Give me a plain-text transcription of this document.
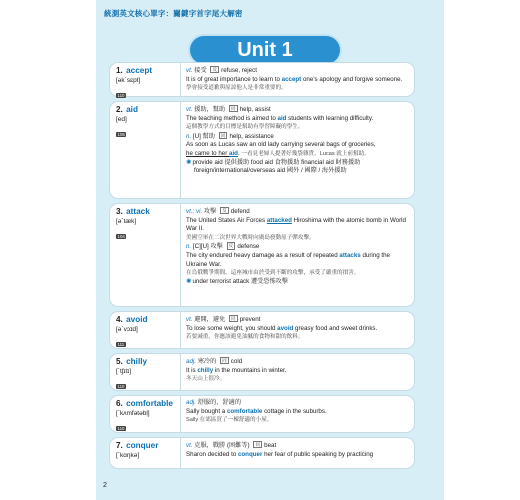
統測英文核心單字：關鍵字首字尾大解密
Unit 1
1. accept
[ək`sɛpt]
110
vt. 接受 反 refuse, reject
It is of great importance to learn to accept one’s apology and forgive someone. 學會接受道歉與原諒他人是非常重要的。
2. aid
[ed]
105
vt. 援助，幫助 同 help, assist
The teaching method is aimed to aid students with learning difficulty.
這個教學方式的目標是幫助有學習障礙的學生。
n. [U] 幫助 同 help, assistance
As soon as Lucas saw an old lady carrying several bags of groceries,
he came to her aid. 一看見老婦人提著好幾袋雜貨，Lucas 就上前幫助。
✺provide aid 提供援助 food aid 食物援助 financial aid 財務援助
foreign/international/overseas aid 國外 / 國際 / 海外援助
3. attack
[ə`tæk]
104
vt.; vi. 攻擊 反 defend
The United States Air Forces attacked Hiroshima with the atomic bomb in World War II.
美國空軍在二次世界大戰時向廣島發動原子彈攻擊。
n. [C][U] 攻擊 反 defense
The city endured heavy damage as a result of repeated attacks during the Ukraine War.
在烏俄戰爭期間，這座城市由於受到不斷的攻擊，承受了嚴重的損害。
✺under terrorist attack 遭受恐怖攻擊
4. avoid
[ə`vɔɪd]
111
vt. 避開，避免 同 prevent
To lose some weight, you should avoid greasy food and sweet drinks.
若要減重，你應該避免油膩的食物和甜的飲料。
5. chilly
[`tʃɪlɪ]
110
adj. 寒冷的 同 cold
It is chilly in the mountains in winter.
冬天山上很冷。
6. comfortable
[`kʌmfətəbḷ]
110
adj. 舒服的，舒適的
Sally bought a comfortable cottage in the suburbs.
Sally 在郊區買了一棟舒適的小屋。
7. conquer
[`kɑŋkə]
vt. 克服，戰勝 (困難等) 同 beat
Sharon decided to conquer her fear of public speaking by practicing
2
